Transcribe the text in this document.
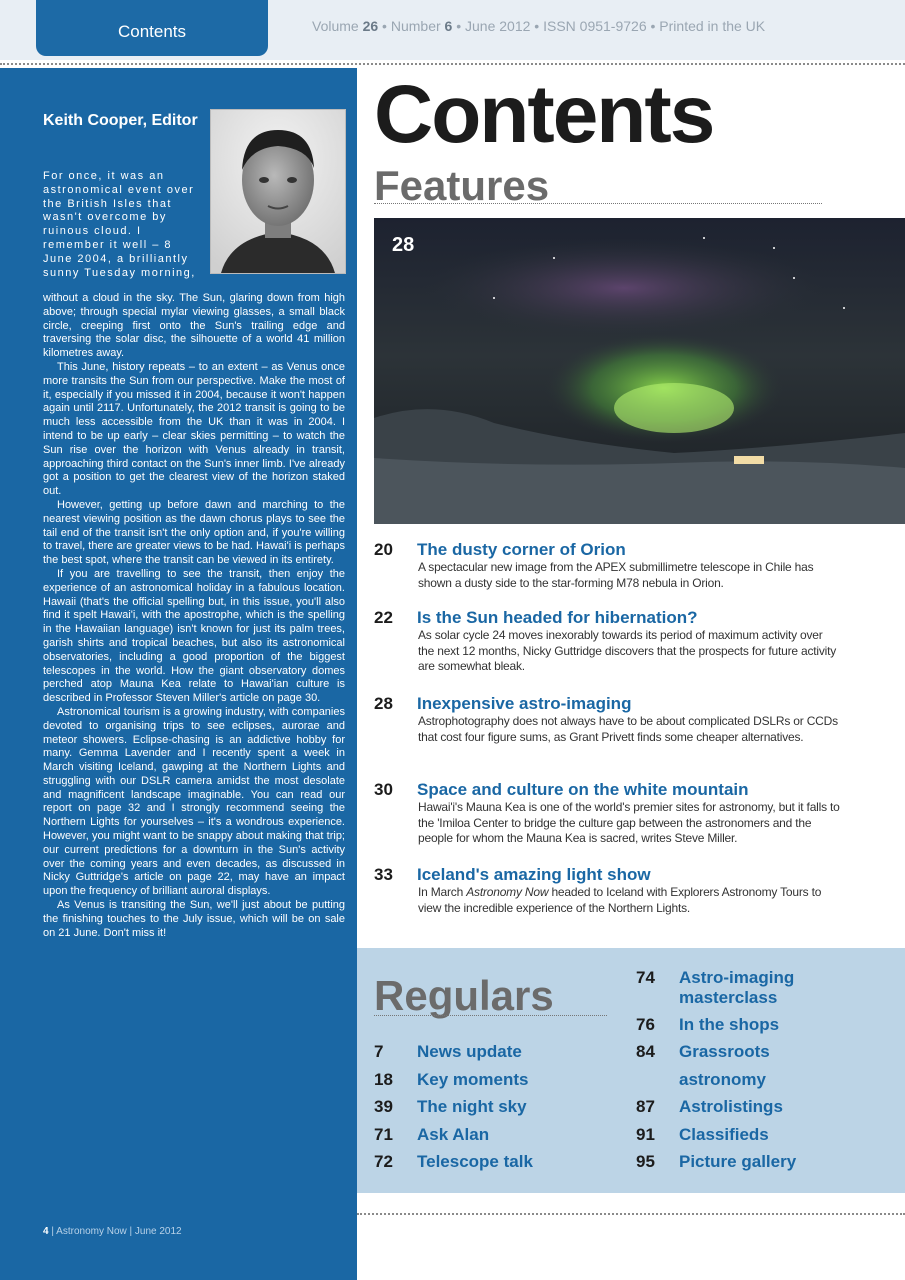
Contents	Volume 26 • Number 6 • June 2012 • ISSN 0951-9726 • Printed in the UK
Keith Cooper, Editor
For once, it was an astronomical event over the British Isles that wasn't overcome by ruinous cloud. I remember it well – 8 June 2004, a brilliantly sunny Tuesday morning,

without a cloud in the sky. The Sun, glaring down from high above; through special mylar viewing glasses, a small black circle, creeping first onto the Sun's trailing edge and traversing the solar disc, the silhouette of a world 41 million kilometres away.

This June, history repeats – to an extent – as Venus once more transits the Sun from our perspective. Make the most of it, especially if you missed it in 2004, because it won't happen again until 2117. Unfortunately, the 2012 transit is going to be much less accessible from the UK than it was in 2004. I intend to be up early – clear skies permitting – to watch the Sun rise over the horizon with Venus already in transit, approaching third contact on the Sun's inner limb. I've already got a position to get the clearest view of the horizon staked out.

However, getting up before dawn and marching to the nearest viewing position as the dawn chorus plays to see the tail end of the transit isn't the only option and, if you're willing to travel, there are greater views to be had. Hawai'i is perhaps the best spot, where the transit can be viewed in its entirety.

If you are travelling to see the transit, then enjoy the experience of an astronomical holiday in a fabulous location. Hawaii (that's the official spelling but, in this issue, you'll also find it spelt Hawai'i, with the apostrophe, which is the spelling in the Hawaiian language) isn't known for just its palm trees, garish shirts and tropical beaches, but also its astronomical observatories, including a good proportion of the biggest telescopes in the world. How the giant observatory domes perched atop Mauna Kea relate to Hawai'ian culture is described in Professor Steven Miller's article on page 30.

Astronomical tourism is a growing industry, with companies devoted to organising trips to see eclipses, aurorae and meteor showers. Eclipse-chasing is an addictive hobby for many. Gemma Lavender and I recently spent a week in March visiting Iceland, gawping at the Northern Lights and struggling with our DSLR camera amidst the most desolate and magnificent landscape imaginable. You can read our report on page 32 and I strongly recommend seeing the Northern Lights for yourselves – it's a wondrous experience. However, you might want to be snappy about making that trip; our current predictions for a downturn in the Sun's activity over the coming years and even decades, as discussed in Nicky Guttridge's article on page 22, may have an impact upon the frequency of brilliant auroral displays.

As Venus is transiting the Sun, we'll just about be putting the finishing touches to the July issue, which will be on sale on 21 June. Don't miss it!

4 | Astronomy Now | June 2012
Contents
Features
28
20 The dusty corner of Orion
A spectacular new image from the APEX submillimetre telescope in Chile has shown a dusty side to the star-forming M78 nebula in Orion.
22 Is the Sun headed for hibernation?
As solar cycle 24 moves inexorably towards its period of maximum activity over the next 12 months, Nicky Guttridge discovers that the prospects for future activity are somewhat bleak.
28 Inexpensive astro-imaging
Astrophotography does not always have to be about complicated DSLRs or CCDs that cost four figure sums, as Grant Privett finds some cheaper alternatives.
30 Space and culture on the white mountain
Hawai'i's Mauna Kea is one of the world's premier sites for astronomy, but it falls to the 'Imiloa Center to bridge the culture gap between the astronomers and the people for whom the Mauna Kea is sacred, writes Steve Miller.
33 Iceland's amazing light show
In March Astronomy Now headed to Iceland with Explorers Astronomy Tours to view the incredible experience of the Northern Lights.
Regulars
7 News update
18 Key moments
39 The night sky
71 Ask Alan
72 Telescope talk
74 Astro-imaging
masterclass
76 In the shops
84 Grassroots
astronomy
87 Astrolistings
91 Classifieds
95 Picture gallery
